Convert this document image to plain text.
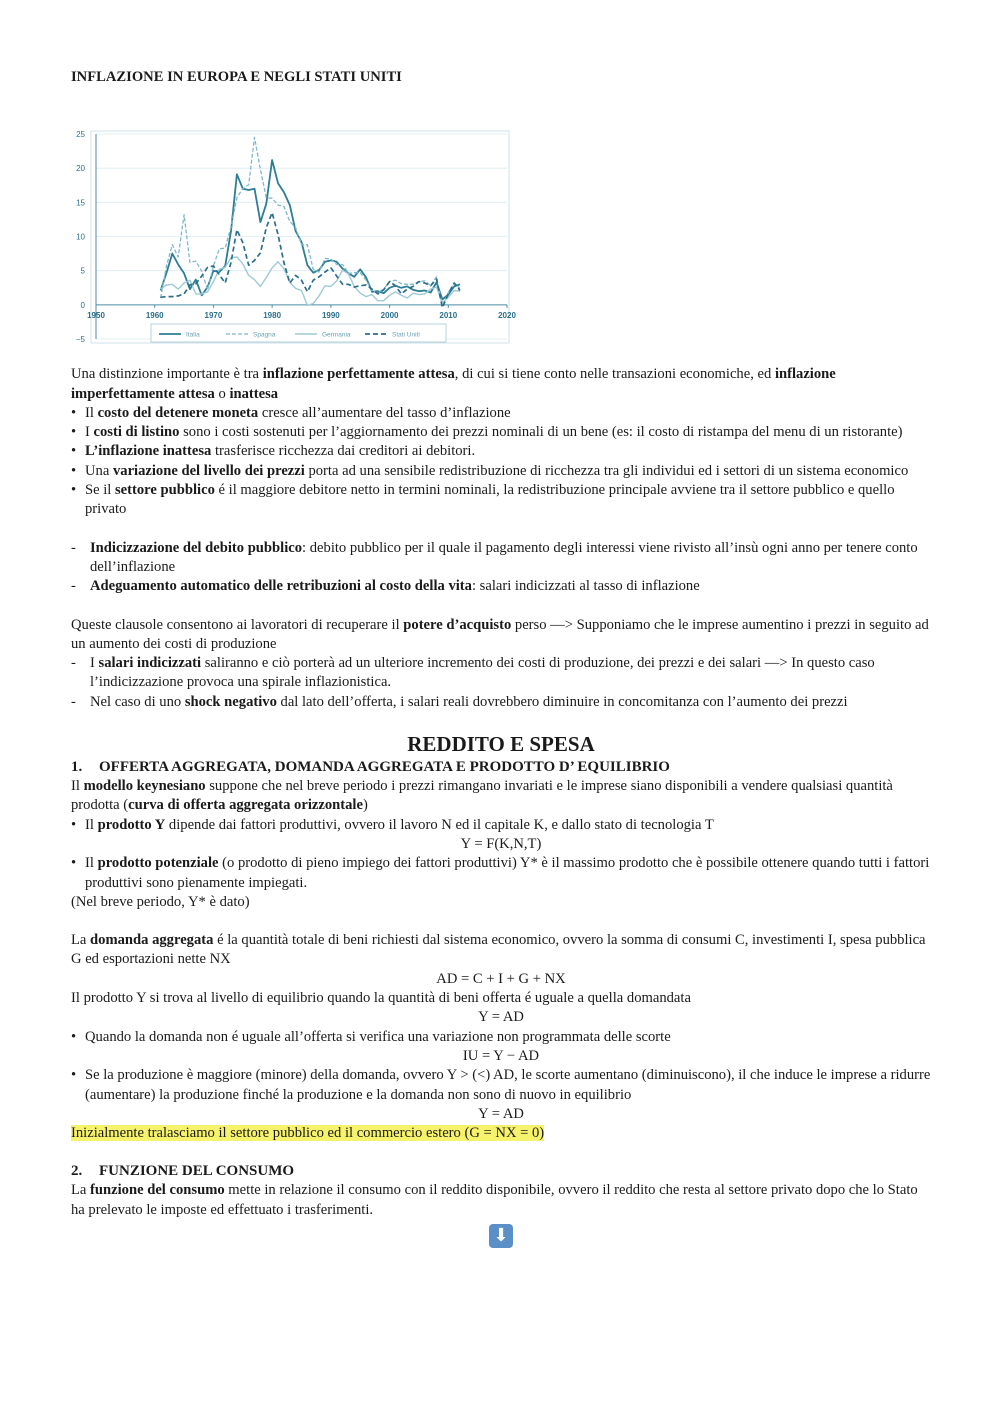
INFLAZIONE IN EUROPA E NEGLI STATI UNITI

25
20
15
10
5
0
−5
1950	1960	1970	1980	1990	2000	2010	2020
Italia	Spagna	Germania	Stati Uniti

Una distinzione importante è tra inflazione perfettamente attesa, di cui si tiene conto nelle transazioni economiche, ed inflazione imperfettamente attesa o inattesa

• Il costo del detenere moneta cresce all’aumentare del tasso d’inflazione
• I costi di listino sono i costi sostenuti per l’aggiornamento dei prezzi nominali di un bene (es: il costo di ristampa del menu di un ristorante)
• L’inflazione inattesa trasferisce ricchezza dai creditori ai debitori.
• Una variazione del livello dei prezzi porta ad una sensibile redistribuzione di ricchezza tra gli individui ed i settori di un sistema economico
• Se il settore pubblico é il maggiore debitore netto in termini nominali, la redistribuzione principale avviene tra il settore pubblico e quello privato
- Indicizzazione del debito pubblico: debito pubblico per il quale il pagamento degli interessi viene rivisto all’insù ogni anno per tenere conto dell’inflazione
- Adeguamento automatico delle retribuzioni al costo della vita: salari indicizzati al tasso di inflazione

Queste clausole consentono ai lavoratori di recuperare il potere d’acquisto perso —> Supponiamo che le imprese aumentino i prezzi in seguito ad un aumento dei costi di produzione

- I salari indicizzati saliranno e ciò porterà ad un ulteriore incremento dei costi di produzione, dei prezzi e dei salari —> In questo caso l’indicizzazione provoca una spirale inflazionistica.
- Nel caso di uno shock negativo dal lato dell’offerta, i salari reali dovrebbero diminuire in concomitanza con l’aumento dei prezzi
REDDITO E SPESA
1. OFFERTA AGGREGATA, DOMANDA AGGREGATA E PRODOTTO D’ EQUILIBRIO

Il modello keynesiano suppone che nel breve periodo i prezzi rimangano invariati e le imprese siano disponibili a vendere qualsiasi quantità prodotta (curva di offerta aggregata orizzontale)

• Il prodotto Y dipende dai fattori produttivi, ovvero il lavoro N ed il capitale K, e dallo stato di tecnologia T
Y = F(K,N,T)
• Il prodotto potenziale (o prodotto di pieno impiego dei fattori produttivi) Y* è il massimo prodotto che è possibile ottenere quando tutti i fattori produttivi sono pienamente impiegati.

(Nel breve periodo, Y* è dato)

La domanda aggregata é la quantità totale di beni richiesti dal sistema economico, ovvero la somma di consumi C, investimenti I, spesa pubblica G ed esportazioni nette NX

AD = C + I + G + NX

Il prodotto Y si trova al livello di equilibrio quando la quantità di beni offerta é uguale a quella domandata

Y = AD
• Quando la domanda non é uguale all’offerta si verifica una variazione non programmata delle scorte
IU = Y − AD
• Se la produzione è maggiore (minore) della domanda, ovvero Y > (<) AD, le scorte aumentano (diminuiscono), il che induce le imprese a ridurre (aumentare) la produzione finché la produzione e la domanda non sono di nuovo in equilibrio
Y = AD

Inizialmente tralasciamo il settore pubblico ed il commercio estero (G = NX = 0)

2. FUNZIONE DEL CONSUMO

La funzione del consumo mette in relazione il consumo con il reddito disponibile, ovvero il reddito che resta al settore privato dopo che lo Stato ha prelevato le imposte ed effettuato i trasferimenti.

⬇
